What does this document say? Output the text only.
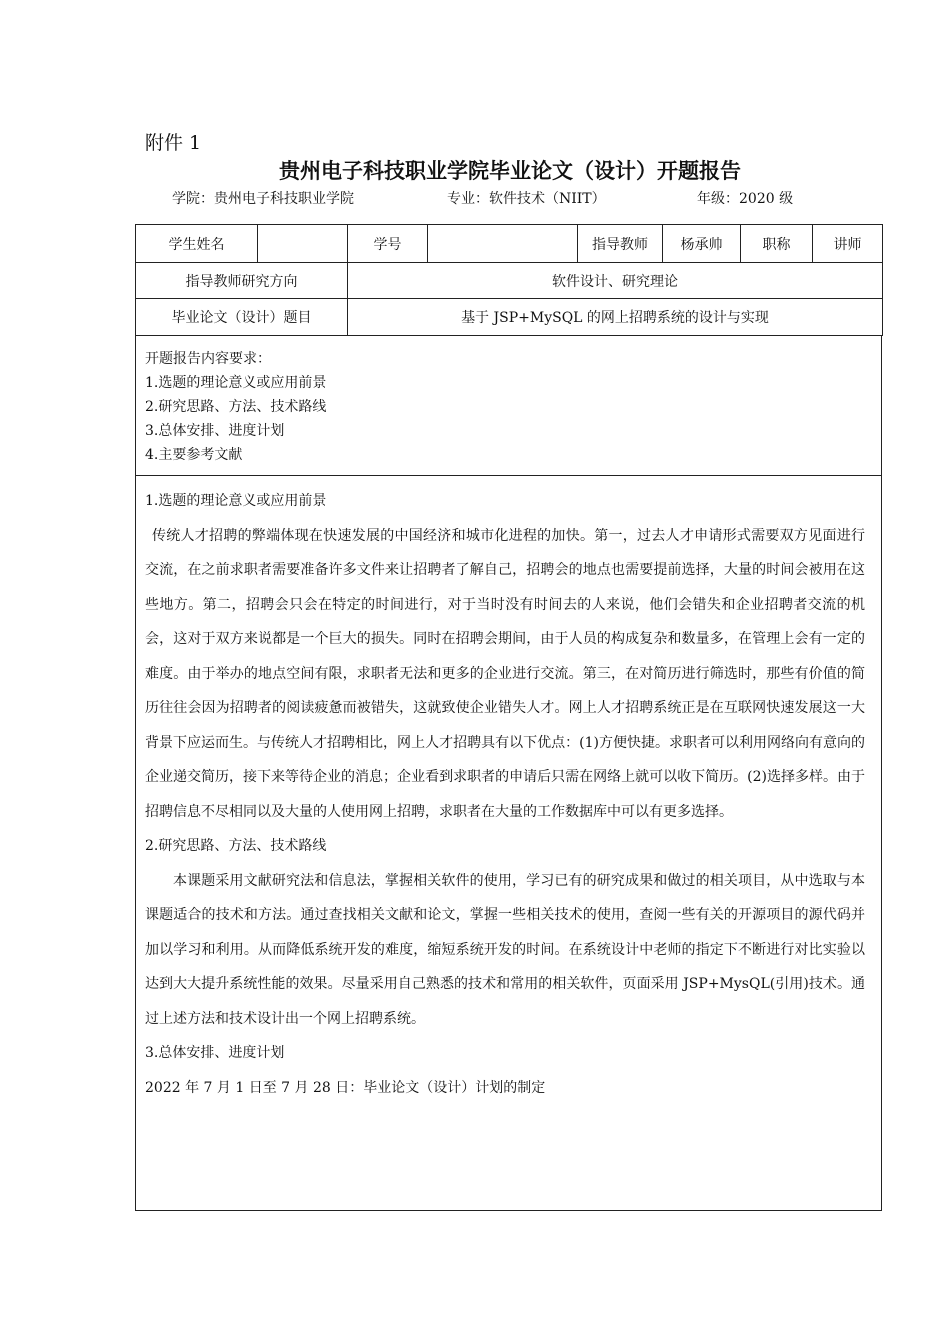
附件 1
贵州电子科技职业学院毕业论文（设计）开题报告
学院：贵州电子科技职业学院	专业：软件技术（NIIT）	年级：2020 级
学生姓名		学号		指导教师	杨承帅	职称	讲师
指导教师研究方向		软件设计、研究理论					
毕业论文（设计）题目		基于 JSP+MySQL 的网上招聘系统的设计与实现					
开题报告内容要求：
1.选题的理论意义或应用前景
2.研究思路、方法、技术路线
3.总体安排、进度计划
4.主要参考文献

1.选题的理论意义或应用前景

传统人才招聘的弊端体现在快速发展的中国经济和城市化进程的加快。第一，过去人才申请形式需要双方见面进行交流，在之前求职者需要准备许多文件来让招聘者了解自己，招聘会的地点也需要提前选择，大量的时间会被用在这些地方。第二，招聘会只会在特定的时间进行，对于当时没有时间去的人来说，他们会错失和企业招聘者交流的机会，这对于双方来说都是一个巨大的损失。同时在招聘会期间，由于人员的构成复杂和数量多，在管理上会有一定的难度。由于举办的地点空间有限，求职者无法和更多的企业进行交流。第三，在对简历进行筛选时，那些有价值的简历往往会因为招聘者的阅读疲惫而被错失，这就致使企业错失人才。网上人才招聘系统正是在互联网快速发展这一大背景下应运而生。与传统人才招聘相比，网上人才招聘具有以下优点：(1)方便快捷。求职者可以利用网络向有意向的企业递交简历，接下来等待企业的消息；企业看到求职者的申请后只需在网络上就可以收下简历。(2)选择多样。由于招聘信息不尽相同以及大量的人使用网上招聘，求职者在大量的工作数据库中可以有更多选择。

2.研究思路、方法、技术路线

本课题采用文献研究法和信息法，掌握相关软件的使用，学习已有的研究成果和做过的相关项目，从中选取与本课题适合的技术和方法。通过查找相关文献和论文，掌握一些相关技术的使用，查阅一些有关的开源项目的源代码并加以学习和利用。从而降低系统开发的难度，缩短系统开发的时间。在系统设计中老师的指定下不断进行对比实验以达到大大提升系统性能的效果。尽量采用自己熟悉的技术和常用的相关软件，页面采用 JSP+MysQL(引用)技术。通过上述方法和技术设计出一个网上招聘系统。

3.总体安排、进度计划

2022 年 7 月 1 日至 7 月 28 日：毕业论文（设计）计划的制定
